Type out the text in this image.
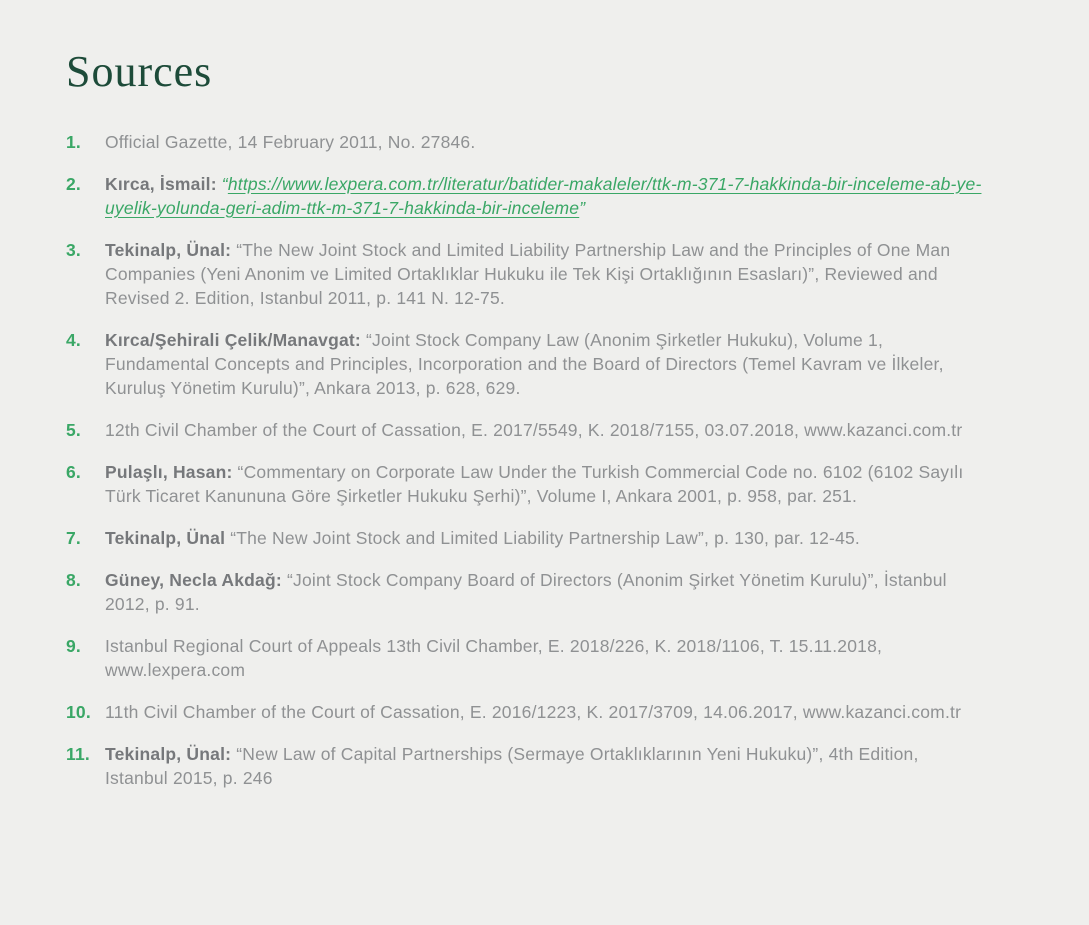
Sources
1.	Official Gazette, 14 February 2011, No. 27846.
2.	Kırca, İsmail: “https://www.lexpera.com.tr/literatur/batider-makaleler/ttk-m-371-7-hakkinda-bir-inceleme-ab-ye-uyelik-yolunda-geri-adim-ttk-m-371-7-hakkinda-bir-inceleme”
3.	Tekinalp, Ünal: “The New Joint Stock and Limited Liability Partnership Law and the Principles of One Man Companies (Yeni Anonim ve Limited Ortaklıklar Hukuku ile Tek Kişi Ortaklığının Esasları)”, Reviewed and Revised 2. Edition, Istanbul 2011, p. 141 N. 12-75.
4.	Kırca/Şehirali Çelik/Manavgat: “Joint Stock Company Law (Anonim Şirketler Hukuku), Volume 1, Fundamental Concepts and Principles, Incorporation and the Board of Directors (Temel Kavram ve İlkeler, Kuruluş Yönetim Kurulu)”, Ankara 2013, p. 628, 629.
5.	12th Civil Chamber of the Court of Cassation, E. 2017/5549, K. 2018/7155, 03.07.2018, www.kazanci.com.tr
6.	Pulaşlı, Hasan: “Commentary on Corporate Law Under the Turkish Commercial Code no. 6102 (6102 Sayılı Türk Ticaret Kanununa Göre Şirketler Hukuku Şerhi)”, Volume I, Ankara 2001, p. 958, par. 251.
7.	Tekinalp, Ünal “The New Joint Stock and Limited Liability Partnership Law”, p. 130, par. 12-45.
8.	Güney, Necla Akdağ: “Joint Stock Company Board of Directors (Anonim Şirket Yönetim Kurulu)”, İstanbul 2012, p. 91.
9.	Istanbul Regional Court of Appeals 13th Civil Chamber, E. 2018/226, K. 2018/1106, T. 15.11.2018, www.lexpera.com
10. 11th Civil Chamber of the Court of Cassation, E. 2016/1223, K. 2017/3709, 14.06.2017, www.kazanci.com.tr
11. Tekinalp, Ünal: “New Law of Capital Partnerships (Sermaye Ortaklıklarının Yeni Hukuku)”, 4th Edition, Istanbul 2015, p. 246
